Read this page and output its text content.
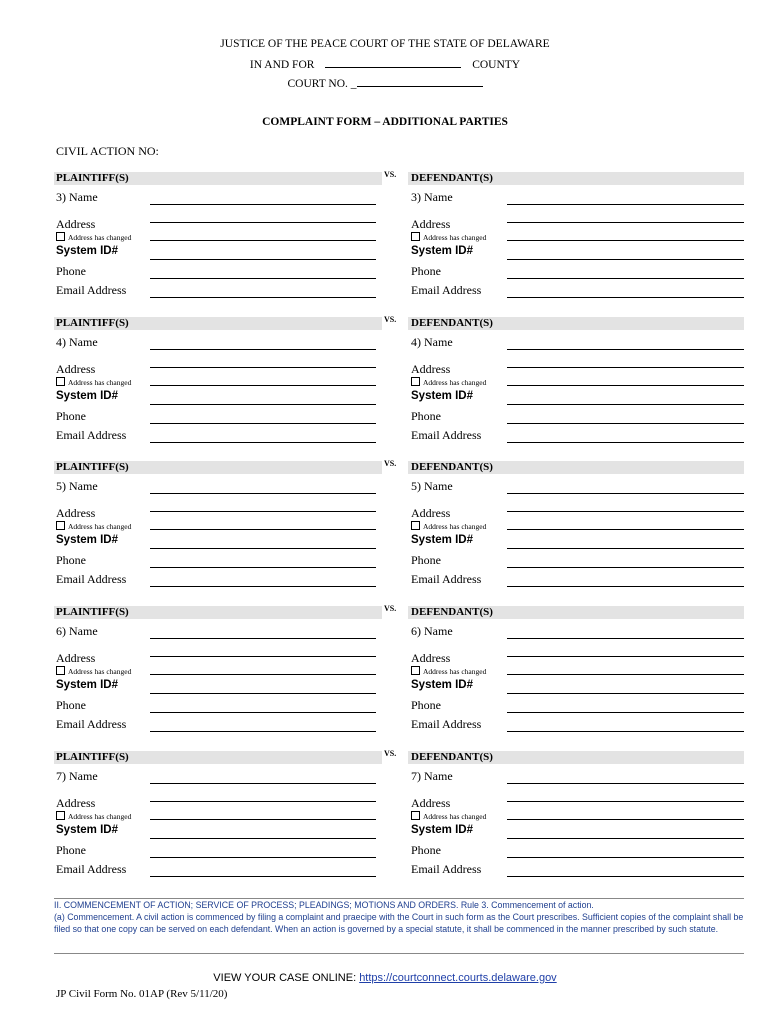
JUSTICE OF THE PEACE COURT OF THE STATE OF DELAWARE
IN AND FOR	COUNTY
COURT NO. _
COMPLAINT FORM – ADDITIONAL PARTIES
CIVIL ACTION NO:
PLAINTIFF(S)
3) Name
Address
Address has changed
System ID#
Phone
Email Address
DEFENDANT(S)
3) Name
Address
Address has changed
System ID#
Phone
Email Address
VS.
PLAINTIFF(S)
4) Name
Address
Address has changed
System ID#
Phone
Email Address
DEFENDANT(S)
4) Name
Address
Address has changed
System ID#
Phone
Email Address
VS.
PLAINTIFF(S)
5) Name
Address
Address has changed
System ID#
Phone
Email Address
DEFENDANT(S)
5) Name
Address
Address has changed
System ID#
Phone
Email Address
VS.
PLAINTIFF(S)
6) Name
Address
Address has changed
System ID#
Phone
Email Address
DEFENDANT(S)
6) Name
Address
Address has changed
System ID#
Phone
Email Address
VS.
PLAINTIFF(S)
7) Name
Address
Address has changed
System ID#
Phone
Email Address
DEFENDANT(S)
7) Name
Address
Address has changed
System ID#
Phone
Email Address
VS.

II. COMMENCEMENT OF ACTION; SERVICE OF PROCESS; PLEADINGS; MOTIONS AND ORDERS. Rule 3. Commencement of action.

(a) Commencement. A civil action is commenced by filing a complaint and praecipe with the Court in such form as the Court prescribes. Sufficient copies of the complaint shall be filed so that one copy can be served on each defendant. When an action is governed by a special statute, it shall be commenced in the manner prescribed by such statute.

VIEW YOUR CASE ONLINE: https://courtconnect.courts.delaware.gov
JP Civil Form No. 01AP (Rev 5/11/20)
